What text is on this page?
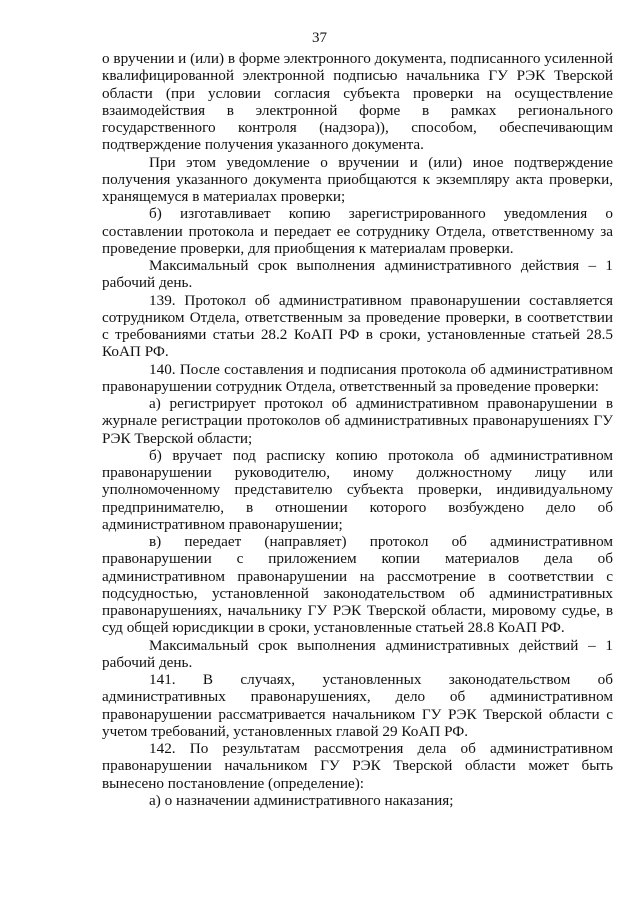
37

о вручении и (или) в форме электронного документа, подписанного усиленной квалифицированной электронной подписью начальника ГУ РЭК Тверской области (при условии согласия субъекта проверки на осуществление взаимодействия в электронной форме в рамках регионального государственного контроля (надзора)), способом, обеспечивающим подтверждение получения указанного документа.

При этом уведомление о вручении и (или) иное подтверждение получения указанного документа приобщаются к экземпляру акта проверки, хранящемуся в материалах проверки;

б) изготавливает копию зарегистрированного уведомления о составлении протокола и передает ее сотруднику Отдела, ответственному за проведение проверки, для приобщения к материалам проверки.

Максимальный срок выполнения административного действия – 1 рабочий день.

139. Протокол об административном правонарушении составляется сотрудником Отдела, ответственным за проведение проверки, в соответствии с требованиями статьи 28.2 КоАП РФ в сроки, установленные статьей 28.5 КоАП РФ.

140. После составления и подписания протокола об административном правонарушении сотрудник Отдела, ответственный за проведение проверки:

а) регистрирует протокол об административном правонарушении в журнале регистрации протоколов об административных правонарушениях ГУ РЭК Тверской области;

б) вручает под расписку копию протокола об административном правонарушении руководителю, иному должностному лицу или уполномоченному представителю субъекта проверки, индивидуальному предпринимателю, в отношении которого возбуждено дело об административном правонарушении;

в) передает (направляет) протокол об административном правонарушении с приложением копии материалов дела об административном правонарушении на рассмотрение в соответствии с подсудностью, установленной законодательством об административных правонарушениях, начальнику ГУ РЭК Тверской области, мировому судье, в суд общей юрисдикции в сроки, установленные статьей 28.8 КоАП РФ.

Максимальный срок выполнения административных действий – 1 рабочий день.

141. В случаях, установленных законодательством об административных правонарушениях, дело об административном правонарушении рассматривается начальником ГУ РЭК Тверской области с учетом требований, установленных главой 29 КоАП РФ.

142. По результатам рассмотрения дела об административном правонарушении начальником ГУ РЭК Тверской области может быть вынесено постановление (определение):

а) о назначении административного наказания;
